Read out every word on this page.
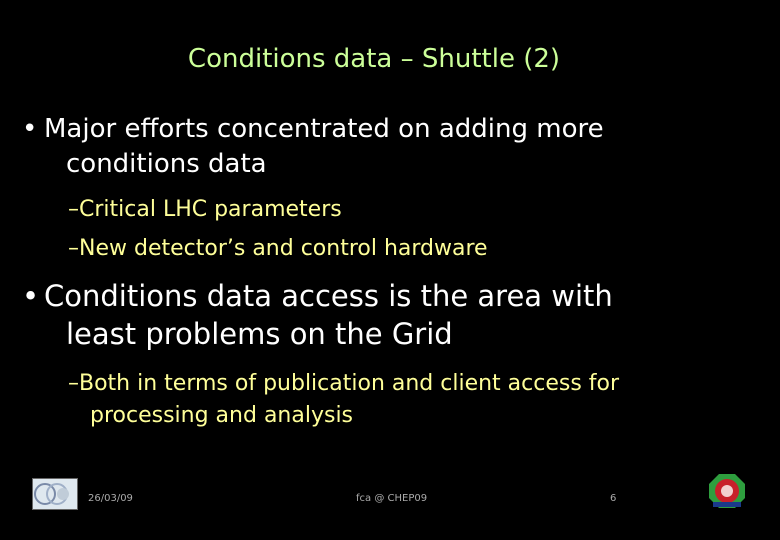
Conditions data – Shuttle (2)
• Major efforts concentrated on adding more
conditions data
–Critical LHC parameters
–New detector’s and control hardware
• Conditions data access is the area with
least problems on the Grid
–Both in terms of publication and client access for
processing and analysis
26/03/09	fca @ CHEP09	6
